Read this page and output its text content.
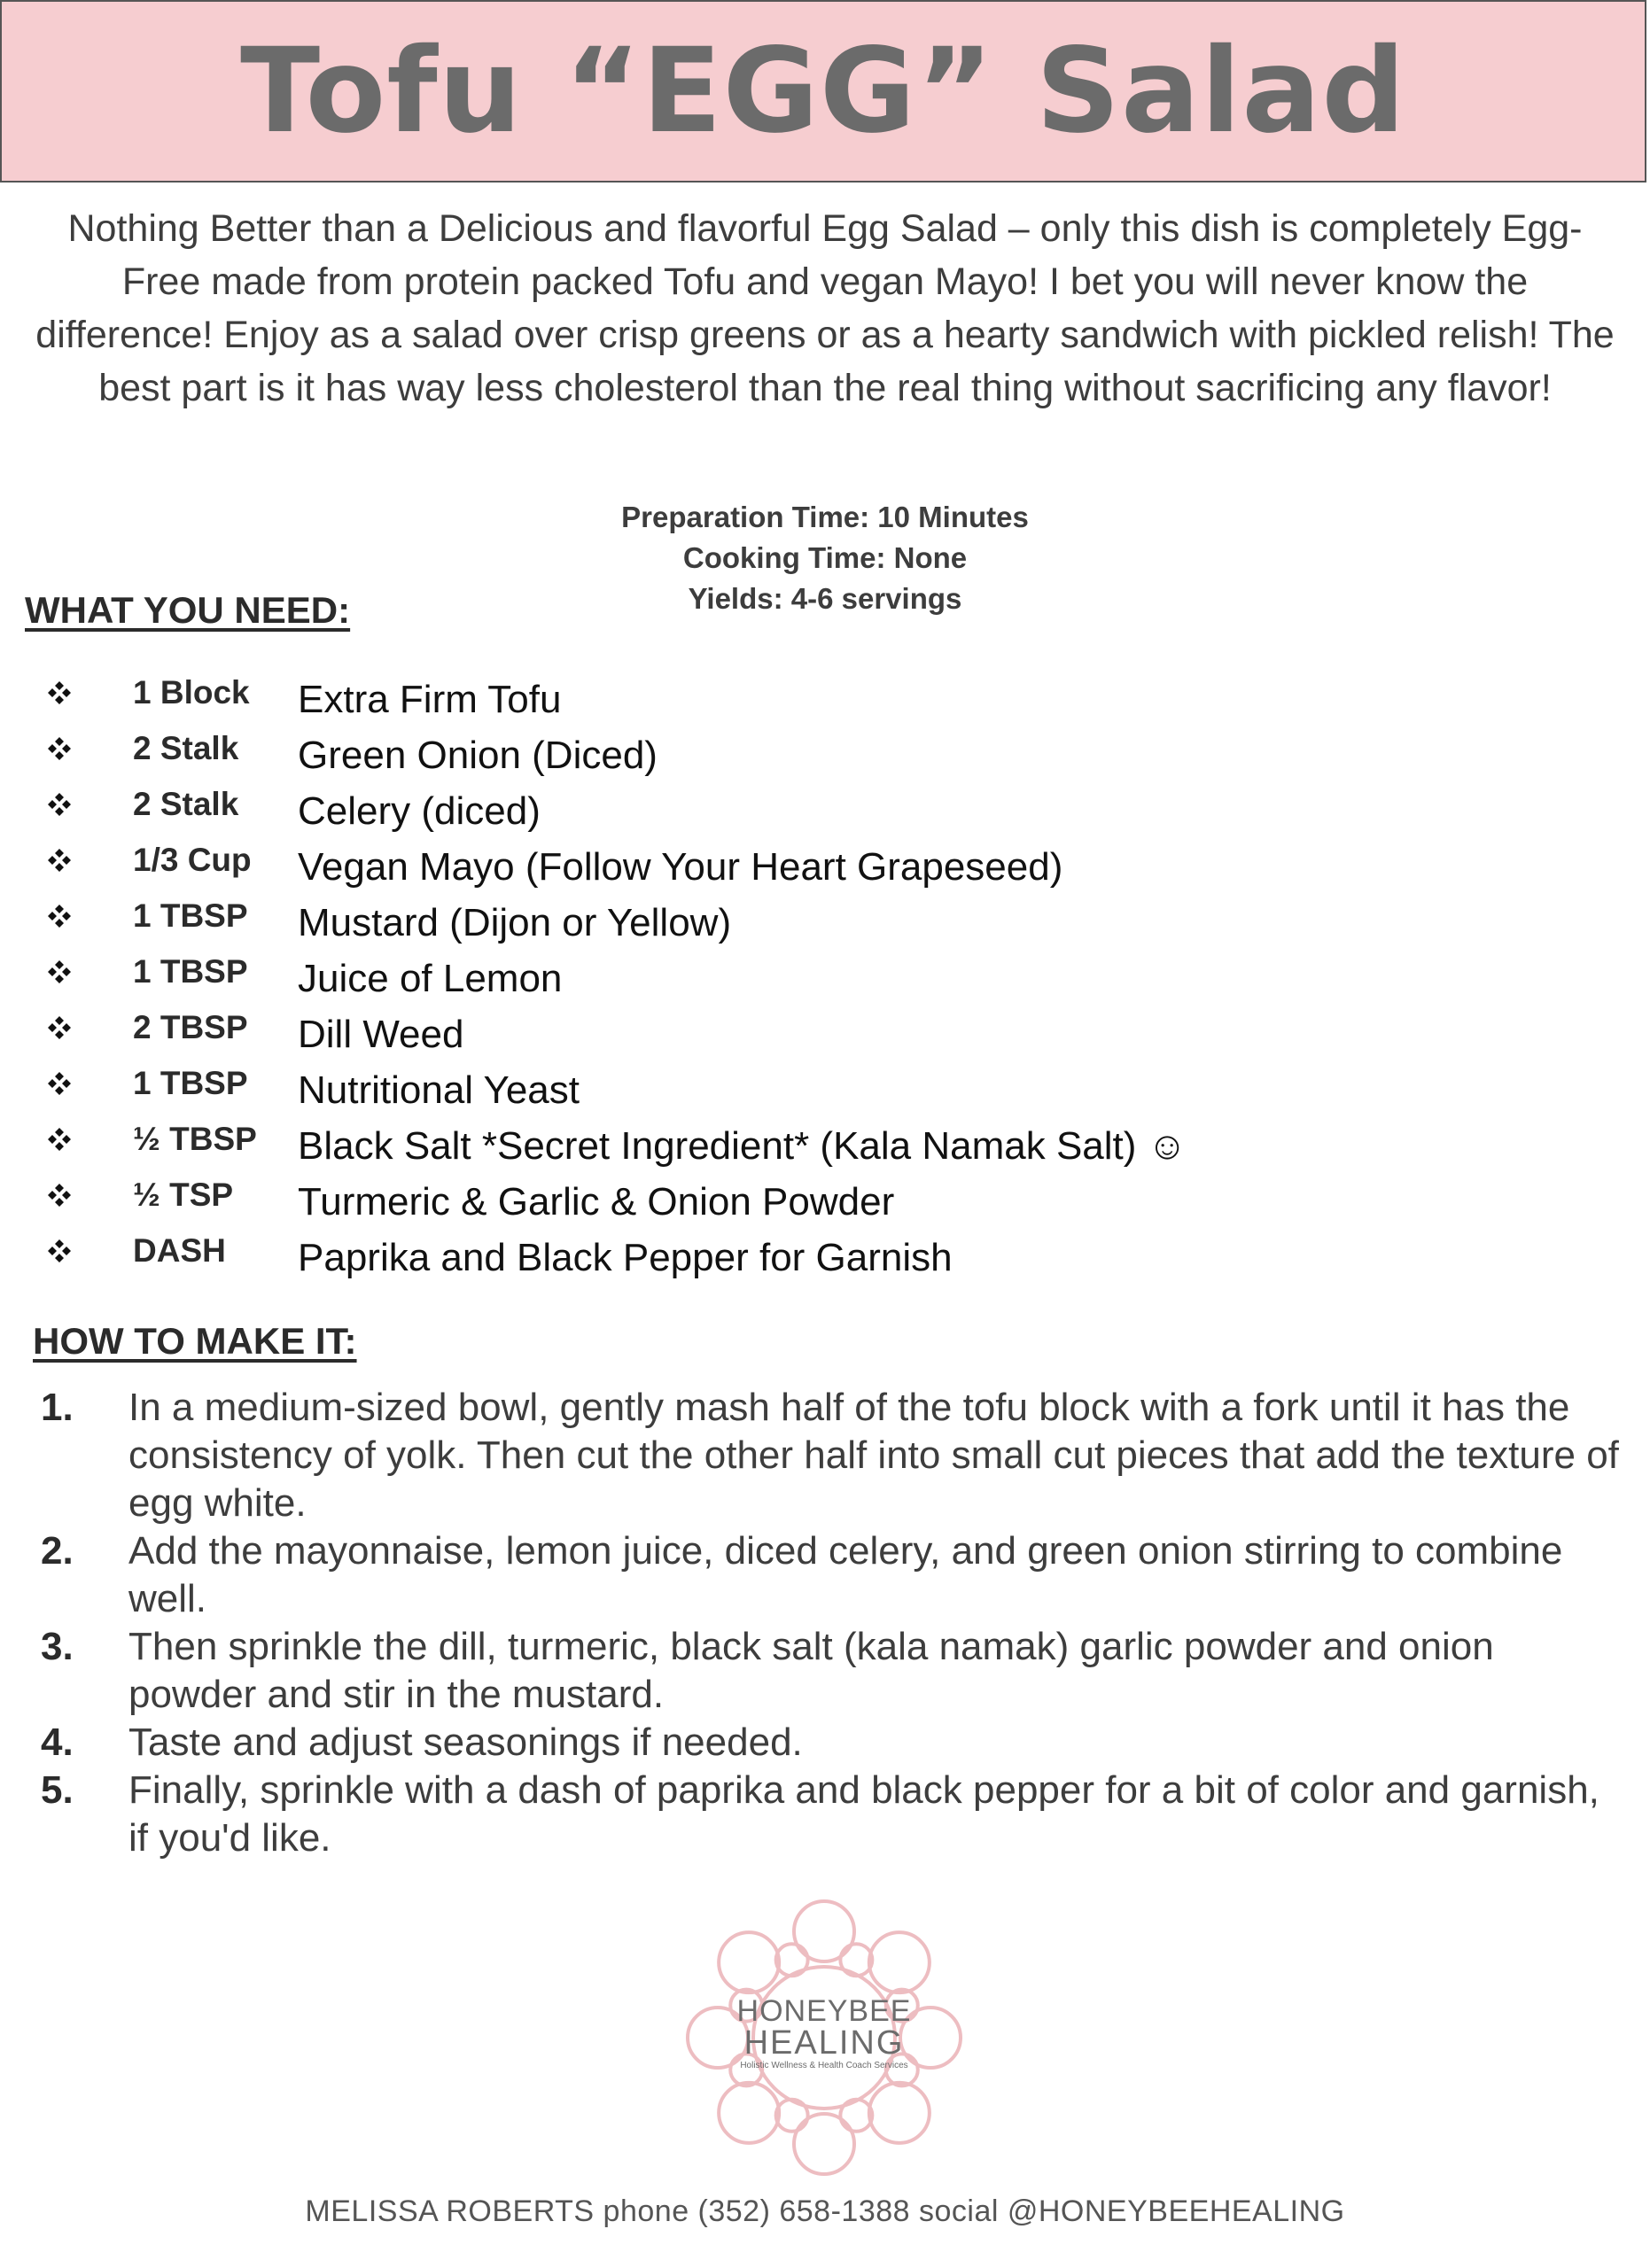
Tofu “EGG” Salad

Nothing Better than a Delicious and flavorful Egg Salad – only this dish is completely Egg-Free made from protein packed Tofu and vegan Mayo! I bet you will never know the difference! Enjoy as a salad over crisp greens or as a hearty sandwich with pickled relish! The best part is it has way less cholesterol than the real thing without sacrificing any flavor!

Preparation Time: 10 Minutes
Cooking Time: None
Yields: 4-6 servings
WHAT YOU NEED:
1 Block Extra Firm Tofu
2 Stalk Green Onion (Diced)
2 Stalk Celery (diced)
1/3 Cup Vegan Mayo (Follow Your Heart Grapeseed)
1 TBSP Mustard (Dijon or Yellow)
1 TBSP Juice of Lemon
2 TBSP Dill Weed
1 TBSP Nutritional Yeast
½ TBSP Black Salt *Secret Ingredient* (Kala Namak Salt) ☺
½ TSP Turmeric & Garlic & Onion Powder
DASH Paprika and Black Pepper for Garnish
HOW TO MAKE IT:
1. In a medium-sized bowl, gently mash half of the tofu block with a fork until it has the consistency of yolk. Then cut the other half into small cut pieces that add the texture of egg white.
2. Add the mayonnaise, lemon juice, diced celery, and green onion stirring to combine well.
3. Then sprinkle the dill, turmeric, black salt (kala namak) garlic powder and onion powder and stir in the mustard.
4. Taste and adjust seasonings if needed.
5. Finally, sprinkle with a dash of paprika and black pepper for a bit of color and garnish, if you'd like.
HONEYBEE
HEALING
Holistic Wellness & Health Coach Services
MELISSA ROBERTS phone (352) 658-1388 social @HONEYBEEHEALING
